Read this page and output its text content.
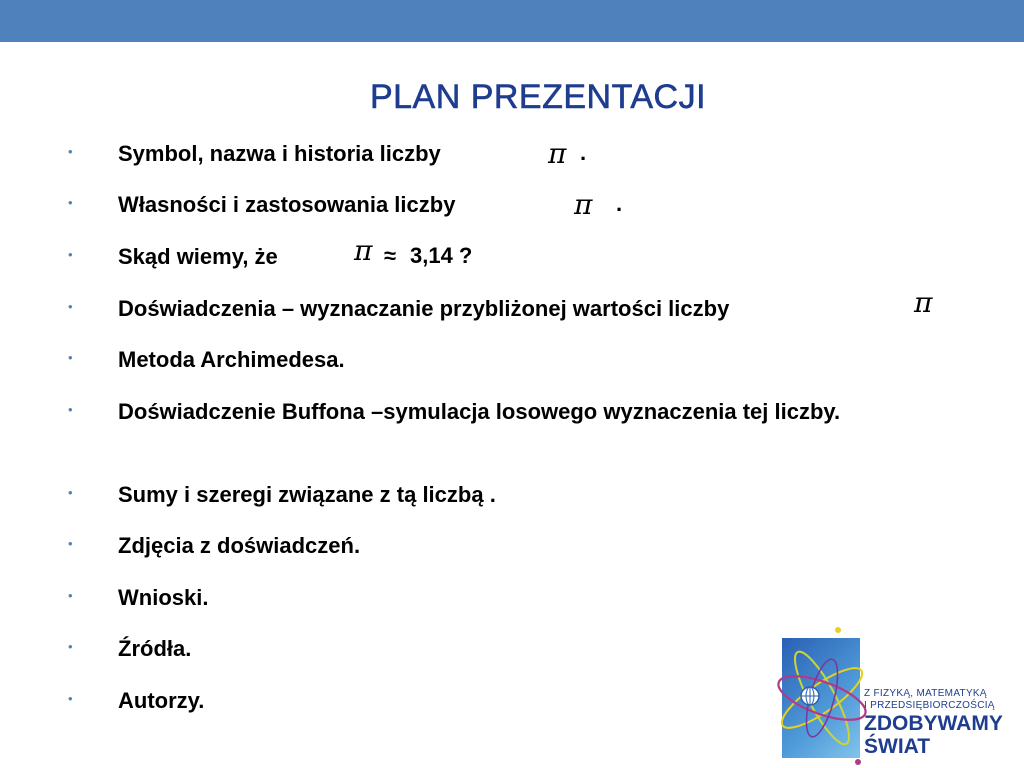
PLAN PREZENTACJI
• Symbol, nazwa i historia liczby	π .
• Własności i zastosowania liczby	π .
• Skąd wiemy, że	π ≈ 3,14 ?
• Doświadczenia – wyznaczanie przybliżonej wartości liczby	π
• Metoda Archimedesa.
• Doświadczenie Buffona –symulacja losowego wyznaczenia tej liczby.
• Sumy i szeregi związane z tą liczbą .
• Zdjęcia z doświadczeń.
• Wnioski.
• Źródła.
• Autorzy.	Z FIZYKĄ, MATEMATYKĄ
I PRZEDSIĘBIORCZOŚCIĄ
ZDOBYWAMY
ŚWIAT
